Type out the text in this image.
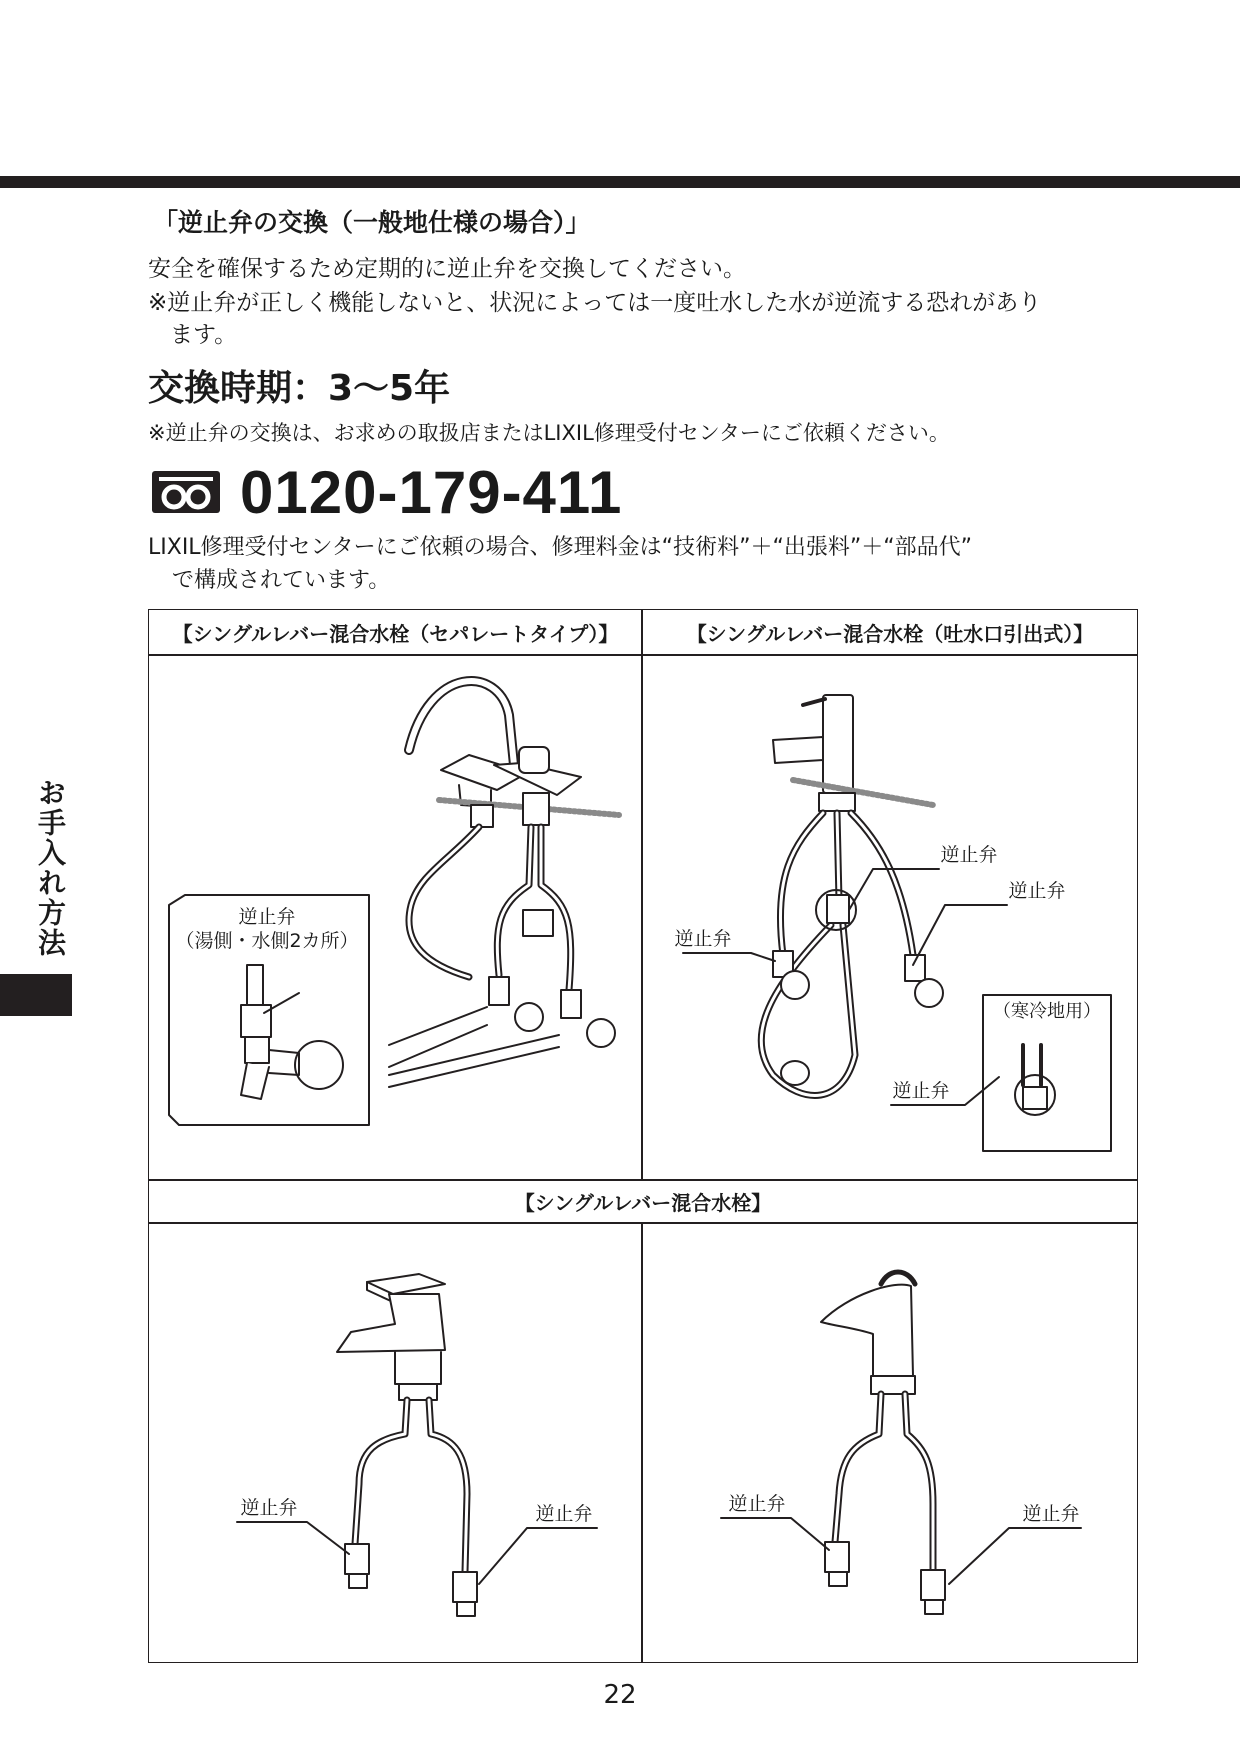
お手入れ方法
「逆止弁の交換（一般地仕様の場合）」
安全を確保するため定期的に逆止弁を交換してください。
※逆止弁が正しく機能しないと、状況によっては一度吐水した水が逆流する恐れがあり
ます。
交換時期：3〜5年
※逆止弁の交換は、お求めの取扱店またはLIXIL修理受付センターにご依頼ください。
0120-179-411
LIXIL修理受付センターにご依頼の場合、修理料金は“技術料”＋“出張料”＋“部品代”
で構成されています。
【シングルレバー混合水栓（セパレートタイプ）】	【シングルレバー混合水栓（吐水口引出式）】
【シングルレバー混合水栓】
逆止弁
（湯側・水側2カ所）	逆止弁
逆止弁
逆止弁
逆止弁
（寒冷地用）
逆止弁	逆止弁	逆止弁	逆止弁
22
